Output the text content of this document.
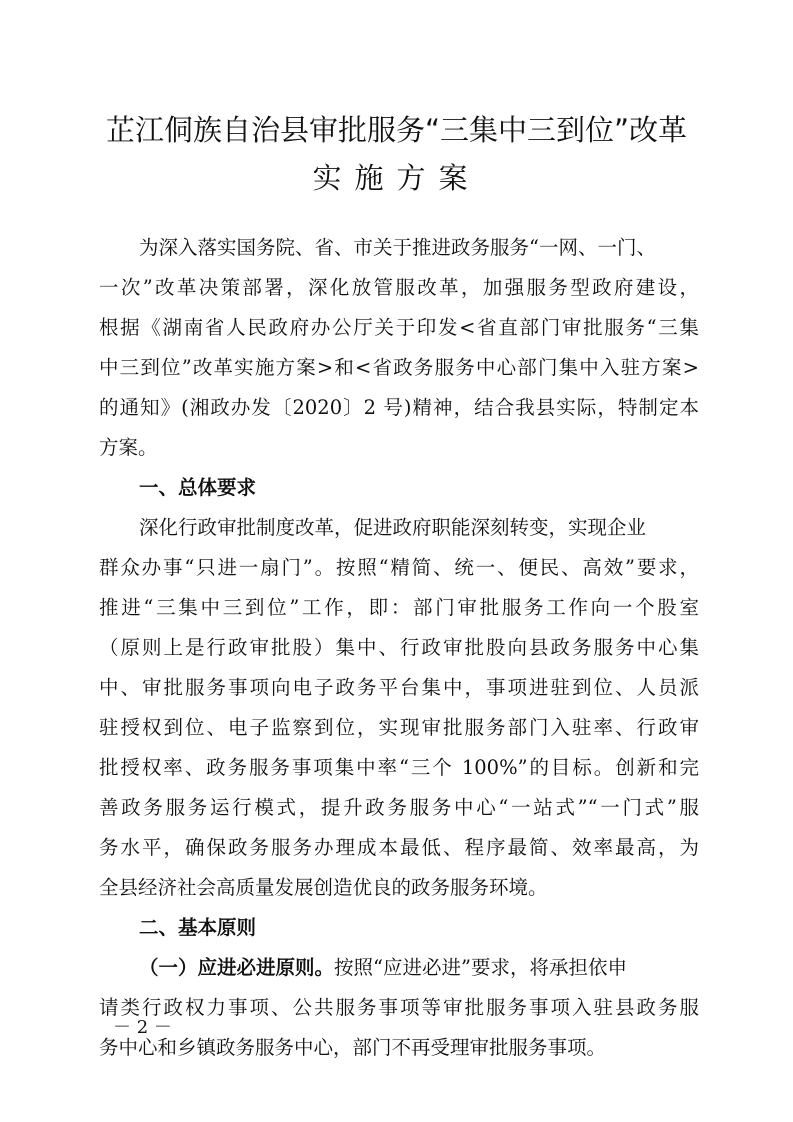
芷江侗族自治县审批服务“三集中三到位”改革
实施方案
为深入落实国务院、省、市关于推进政务服务“一网、一门、
一次”改革决策部署，深化放管服改革，加强服务型政府建设，
根据《湖南省人民政府办公厅关于印发<省直部门审批服务“三集
中三到位”改革实施方案>和<省政务服务中心部门集中入驻方案>
的通知》(湘政办发〔2020〕2 号)精神，结合我县实际，特制定本
方案。
一、总体要求
深化行政审批制度改革，促进政府职能深刻转变，实现企业
群众办事“只进一扇门”。按照“精简、统一、便民、高效”要求，
推进“三集中三到位”工作，即：部门审批服务工作向一个股室
（原则上是行政审批股）集中、行政审批股向县政务服务中心集
中、审批服务事项向电子政务平台集中，事项进驻到位、人员派
驻授权到位、电子监察到位，实现审批服务部门入驻率、行政审
批授权率、政务服务事项集中率“三个 100%”的目标。创新和完
善政务服务运行模式，提升政务服务中心“一站式”“一门式”服
务水平，确保政务服务办理成本最低、程序最简、效率最高，为
全县经济社会高质量发展创造优良的政务服务环境。
二、基本原则
（一）应进必进原则。按照“应进必进”要求，将承担依申
请类行政权力事项、公共服务事项等审批服务事项入驻县政务服
务中心和乡镇政务服务中心，部门不再受理审批服务事项。
－ 2 －
